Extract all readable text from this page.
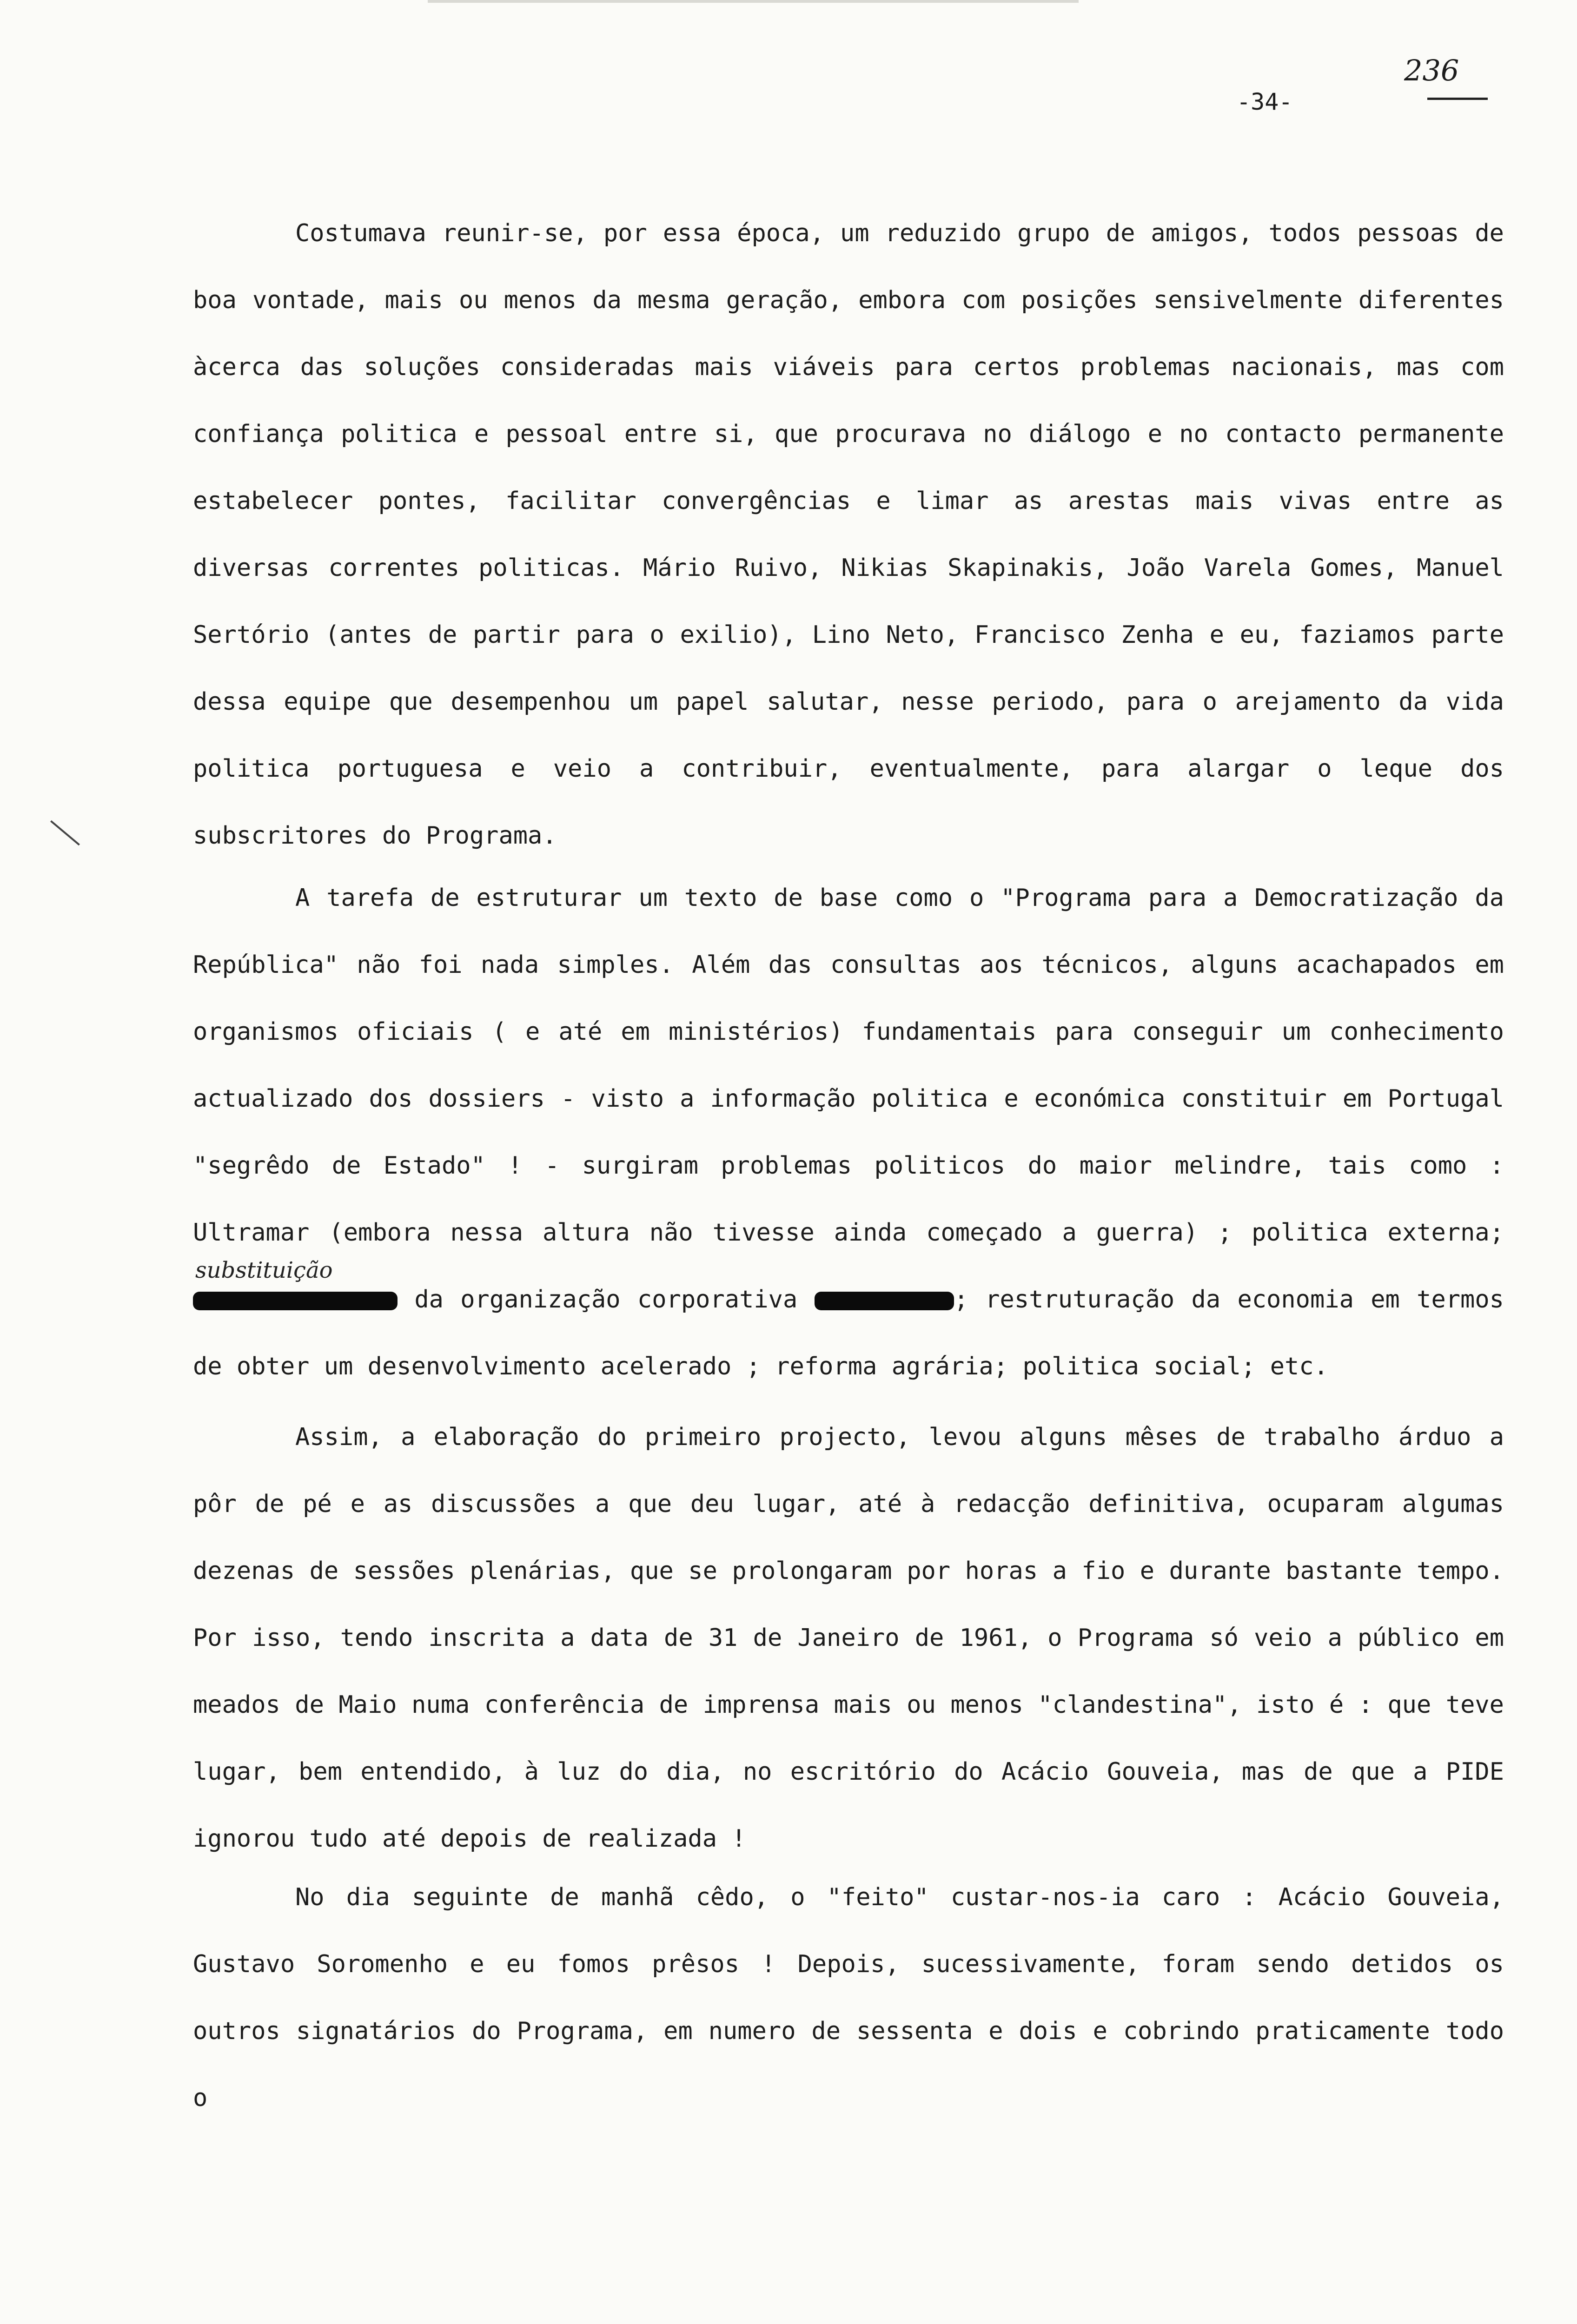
-34-
236

Costumava reunir-se, por essa época, um reduzido grupo de amigos, todos pessoas de boa vontade, mais ou menos da mesma geração, embora com posições sensivelmente diferentes àcerca das soluções consideradas mais viáveis para certos problemas nacionais, mas com confiança politica e pessoal entre si, que procurava no diálogo e no contacto permanente estabelecer pontes, facilitar convergências e limar as arestas mais vivas entre as diversas correntes politicas. Mário Ruivo, Nikias Skapinakis, João Varela Gomes, Manuel Sertório (antes de partir para o exilio), Lino Neto, Francisco Zenha e eu, faziamos parte dessa equipe que desempenhou um papel salutar, nesse periodo, para o arejamento da vida politica portuguesa e veio a contribuir, eventualmente, para alargar o leque dos subscritores do Programa.

A tarefa de estruturar um texto de base como o "Programa para a Democratização da República" não foi nada simples. Além das consultas aos técnicos, alguns acachapados em organismos oficiais ( e até em ministérios) fundamentais para conseguir um conhecimento actualizado dos dossiers - visto a informação politica e económica constituir em Portugal "segrêdo de Estado" ! - surgiram problemas politicos do maior melindre, tais como : Ultramar (embora nessa altura não tivesse ainda começado a guerra) ; politica externa;  da organização corporativa	; restruturação da economia em termos de obter um desenvolvimento acelerado ; reforma agrária; politica social; etc.

substituição

Assim, a elaboração do primeiro projecto, levou alguns mêses de trabalho árduo a pôr de pé e as discussões a que deu lugar, até à redacção definitiva, ocuparam algumas dezenas de sessões plenárias, que se prolongaram por horas a fio e durante bastante tempo. Por isso, tendo inscrita a data de 31 de Janeiro de 1961, o Programa só veio a público em meados de Maio numa conferência de imprensa mais ou menos "clandestina", isto é : que teve lugar, bem entendido, à luz do dia, no escritório do Acácio Gouveia, mas de que a PIDE ignorou tudo até depois de realizada !

No dia seguinte de manhã cêdo, o "feito" custar-nos-ia caro : Acácio Gouveia, Gustavo Soromenho e eu fomos prêsos ! Depois, sucessivamente, foram sendo detidos os outros signatários do Programa, em numero de sessenta e dois e cobrindo praticamente todo o
